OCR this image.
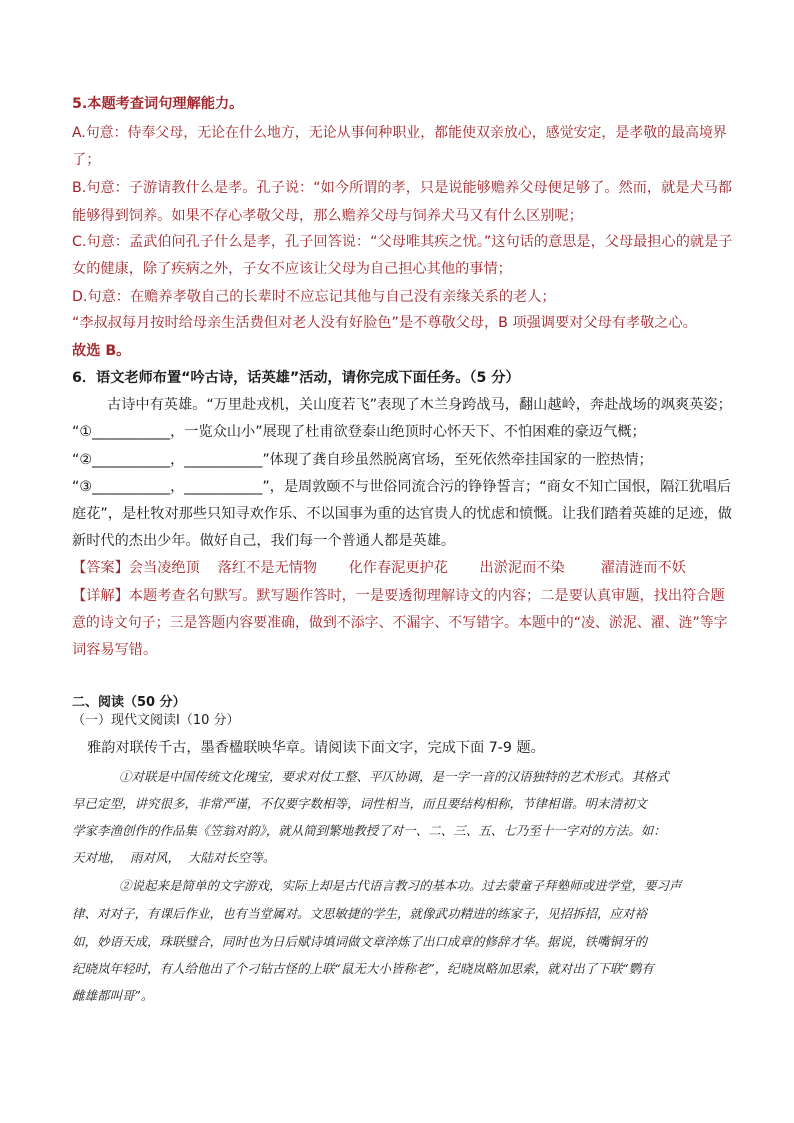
5.本题考查词句理解能力。
A.句意：侍奉父母，无论在什么地方，无论从事何种职业，都能使双亲放心，感觉安定，是孝敬的最高境界
了；
B.句意：子游请教什么是孝。孔子说：“如今所谓的孝，只是说能够赡养父母便足够了。然而，就是犬马都
能够得到饲养。如果不存心孝敬父母，那么赡养父母与饲养犬马又有什么区别呢；
C.句意：孟武伯问孔子什么是孝，孔子回答说：“父母唯其疾之忧。”这句话的意思是，父母最担心的就是子
女的健康，除了疾病之外，子女不应该让父母为自己担心其他的事情；
D.句意：在赡养孝敬自己的长辈时不应忘记其他与自己没有亲缘关系的老人；
“李叔叔每月按时给母亲生活费但对老人没有好脸色”是不尊敬父母，B 项强调要对父母有孝敬之心。
故选 B。
6．语文老师布置“吟古诗，话英雄”活动，请你完成下面任务。（5 分）
古诗中有英雄。“万里赴戎机，关山度若飞”表现了木兰身跨战马，翻山越岭，奔赴战场的飒爽英姿；
“①___________，一览众山小”展现了杜甫欲登泰山绝顶时心怀天下、不怕困难的豪迈气概；
“②___________，___________”体现了龚自珍虽然脱离官场，至死依然牵挂国家的一腔热情；
“③___________，___________”，是周敦颐不与世俗同流合污的铮铮誓言；“商女不知亡国恨，隔江犹唱后
庭花”，是杜牧对那些只知寻欢作乐、不以国事为重的达官贵人的忧虑和愤慨。让我们踏着英雄的足迹，做
新时代的杰出少年。做好自己，我们每一个普通人都是英雄。
【答案】会当凌绝顶    落红不是无情物       化作春泥更护花       出淤泥而不染        濯清涟而不妖
【详解】本题考查名句默写。默写题作答时，一是要透彻理解诗文的内容；二是要认真审题，找出符合题
意的诗文句子；三是答题内容要准确，做到不添字、不漏字、不写错字。本题中的“凌、淤泥、濯、涟”等字
词容易写错。
二、阅读（50 分）
（一）现代文阅读Ⅰ（10 分）
雅韵对联传千古，墨香楹联映华章。请阅读下面文字，完成下面 7-9 题。
①对联是中国传统文化瑰宝，要求对仗工整、平仄协调，是一字一音的汉语独特的艺术形式。其格式
早已定型，讲究很多，非常严谨，不仅要字数相等，词性相当，而且要结构相称，节律相谐。明末清初文
学家李渔创作的作品集《笠翁对韵》，就从简到繁地教授了对一、二、三、五、七乃至十一字对的方法。如：
天对地，  雨对风，  大陆对长空等。
②说起来是简单的文字游戏，实际上却是古代语言教习的基本功。过去蒙童子拜塾师或进学堂，要习声
律、对对子，有课后作业，也有当堂属对。文思敏捷的学生，就像武功精进的练家子，见招拆招，应对裕
如，妙语天成，珠联璧合，同时也为日后赋诗填词做文章淬炼了出口成章的修辞才华。据说，铁嘴铜牙的
纪晓岚年轻时，有人给他出了个刁钻古怪的上联“鼠无大小皆称老”，纪晓岚略加思索，就对出了下联“鹦有
雌雄都叫哥”。
